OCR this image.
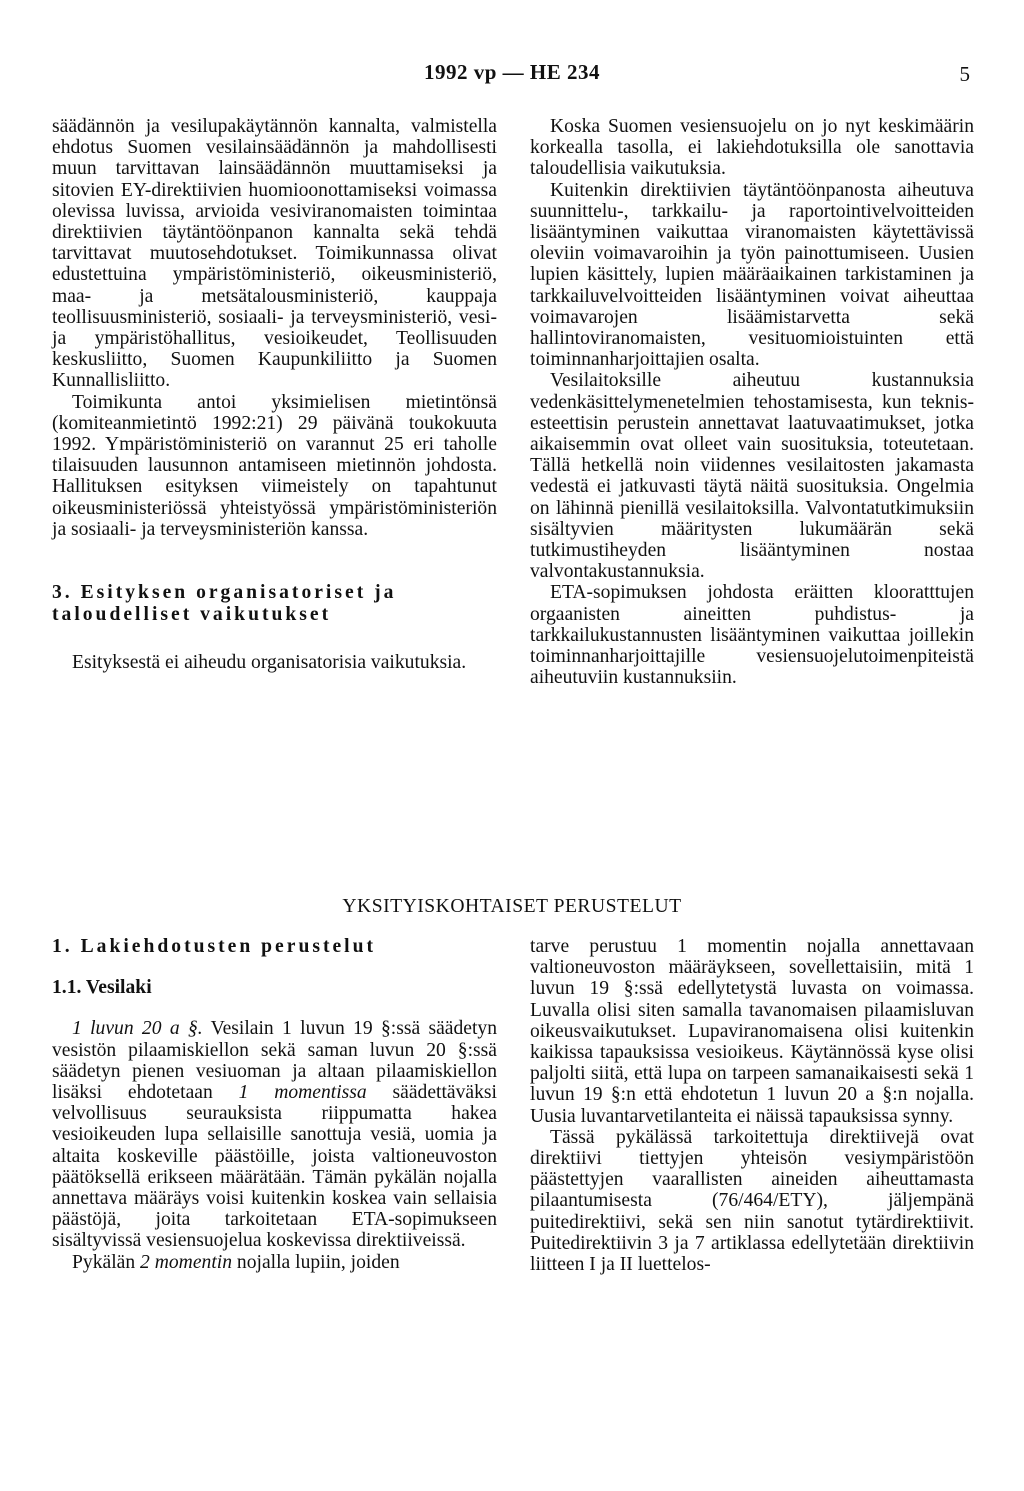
1992 vp — HE 234	5

säädännön ja vesilupakäytännön kannalta, valmistella ehdotus Suomen vesilainsäädännön ja mahdollisesti muun tarvittavan lainsäädännön muuttamiseksi ja sitovien EY-direktiivien huomioonottamiseksi voimassa olevissa luvissa, arvioida vesiviranomaisten toimintaa direktiivien täytäntöönpanon kannalta sekä tehdä tarvittavat muutosehdotukset. Toimikunnassa olivat edustettuina ympäristöministeriö, oikeusministeriö, maa- ja metsätalousministeriö, kauppaja teollisuusministeriö, sosiaali- ja terveysministeriö, vesi- ja ympäristöhallitus, vesioikeudet, Teollisuuden keskusliitto, Suomen Kaupunkiliitto ja Suomen Kunnallisliitto.

Toimikunta antoi yksimielisen mietintönsä (komiteanmietintö 1992:21) 29 päivänä toukokuuta 1992. Ympäristöministeriö on varannut 25 eri taholle tilaisuuden lausunnon antamiseen mietinnön johdosta. Hallituksen esityksen viimeistely on tapahtunut oikeusministeriössä yhteistyössä ympäristöministeriön ja sosiaali- ja terveysministeriön kanssa.

3. Esityksen organisatoriset ja taloudelliset vaikutukset

Esityksestä ei aiheudu organisatorisia vaikutuksia.

Koska Suomen vesiensuojelu on jo nyt keskimäärin korkealla tasolla, ei lakiehdotuksilla ole sanottavia taloudellisia vaikutuksia.

Kuitenkin direktiivien täytäntöönpanosta aiheutuva suunnittelu-, tarkkailu- ja raportointivelvoitteiden lisääntyminen vaikuttaa viranomaisten käytettävissä oleviin voimavaroihin ja työn painottumiseen. Uusien lupien käsittely, lupien määräaikainen tarkistaminen ja tarkkailuvelvoitteiden lisääntyminen voivat aiheuttaa voimavarojen lisäämistarvetta sekä hallintoviranomaisten, vesituomioistuinten että toiminnanharjoittajien osalta.

Vesilaitoksille aiheutuu kustannuksia vedenkäsittelymenetelmien tehostamisesta, kun teknis-esteettisin perustein annettavat laatuvaatimukset, jotka aikaisemmin ovat olleet vain suosituksia, toteutetaan. Tällä hetkellä noin viidennes vesilaitosten jakamasta vedestä ei jatkuvasti täytä näitä suosituksia. Ongelmia on lähinnä pienillä vesilaitoksilla. Valvontatutkimuksiin sisältyvien määritysten lukumäärän sekä tutkimustiheyden lisääntyminen nostaa valvontakustannuksia.

ETA-sopimuksen johdosta eräitten klooratttujen orgaanisten aineitten puhdistus- ja tarkkailukustannusten lisääntyminen vaikuttaa joillekin toiminnanharjoittajille vesiensuojelutoimenpiteistä aiheutuviin kustannuksiin.

YKSITYISKOHTAISET PERUSTELUT

1. Lakiehdotusten perustelut

1.1. Vesilaki

1 luvun 20 a §. Vesilain 1 luvun 19 §:ssä säädetyn vesistön pilaamiskiellon sekä saman luvun 20 §:ssä säädetyn pienen vesiuoman ja altaan pilaamiskiellon lisäksi ehdotetaan 1 momentissa säädettäväksi velvollisuus seurauksista riippumatta hakea vesioikeuden lupa sellaisille sanottuja vesiä, uomia ja altaita koskeville päästöille, joista valtioneuvoston päätöksellä erikseen määrätään. Tämän pykälän nojalla annettava määräys voisi kuitenkin koskea vain sellaisia päästöjä, joita tarkoitetaan ETA-sopimukseen sisältyvissä vesiensuojelua koskevissa direktiiveissä.

Pykälän 2 momentin nojalla lupiin, joiden

tarve perustuu 1 momentin nojalla annettavaan valtioneuvoston määräykseen, sovellettaisiin, mitä 1 luvun 19 §:ssä edellytetystä luvasta on voimassa. Luvalla olisi siten samalla tavanomaisen pilaamisluvan oikeusvaikutukset. Lupaviranomaisena olisi kuitenkin kaikissa tapauksissa vesioikeus. Käytännössä kyse olisi paljolti siitä, että lupa on tarpeen samanaikaisesti sekä 1 luvun 19 §:n että ehdotetun 1 luvun 20 a §:n nojalla. Uusia luvantarvetilanteita ei näissä tapauksissa synny.

Tässä pykälässä tarkoitettuja direktiivejä ovat direktiivi tiettyjen yhteisön vesiympäristöön päästettyjen vaarallisten aineiden aiheuttamasta pilaantumisesta (76/464/ETY), jäljempänä puitedirektiivi, sekä sen niin sanotut tytärdirektiivit. Puitedirektiivin 3 ja 7 artiklassa edellytetään direktiivin liitteen I ja II luettelos-
